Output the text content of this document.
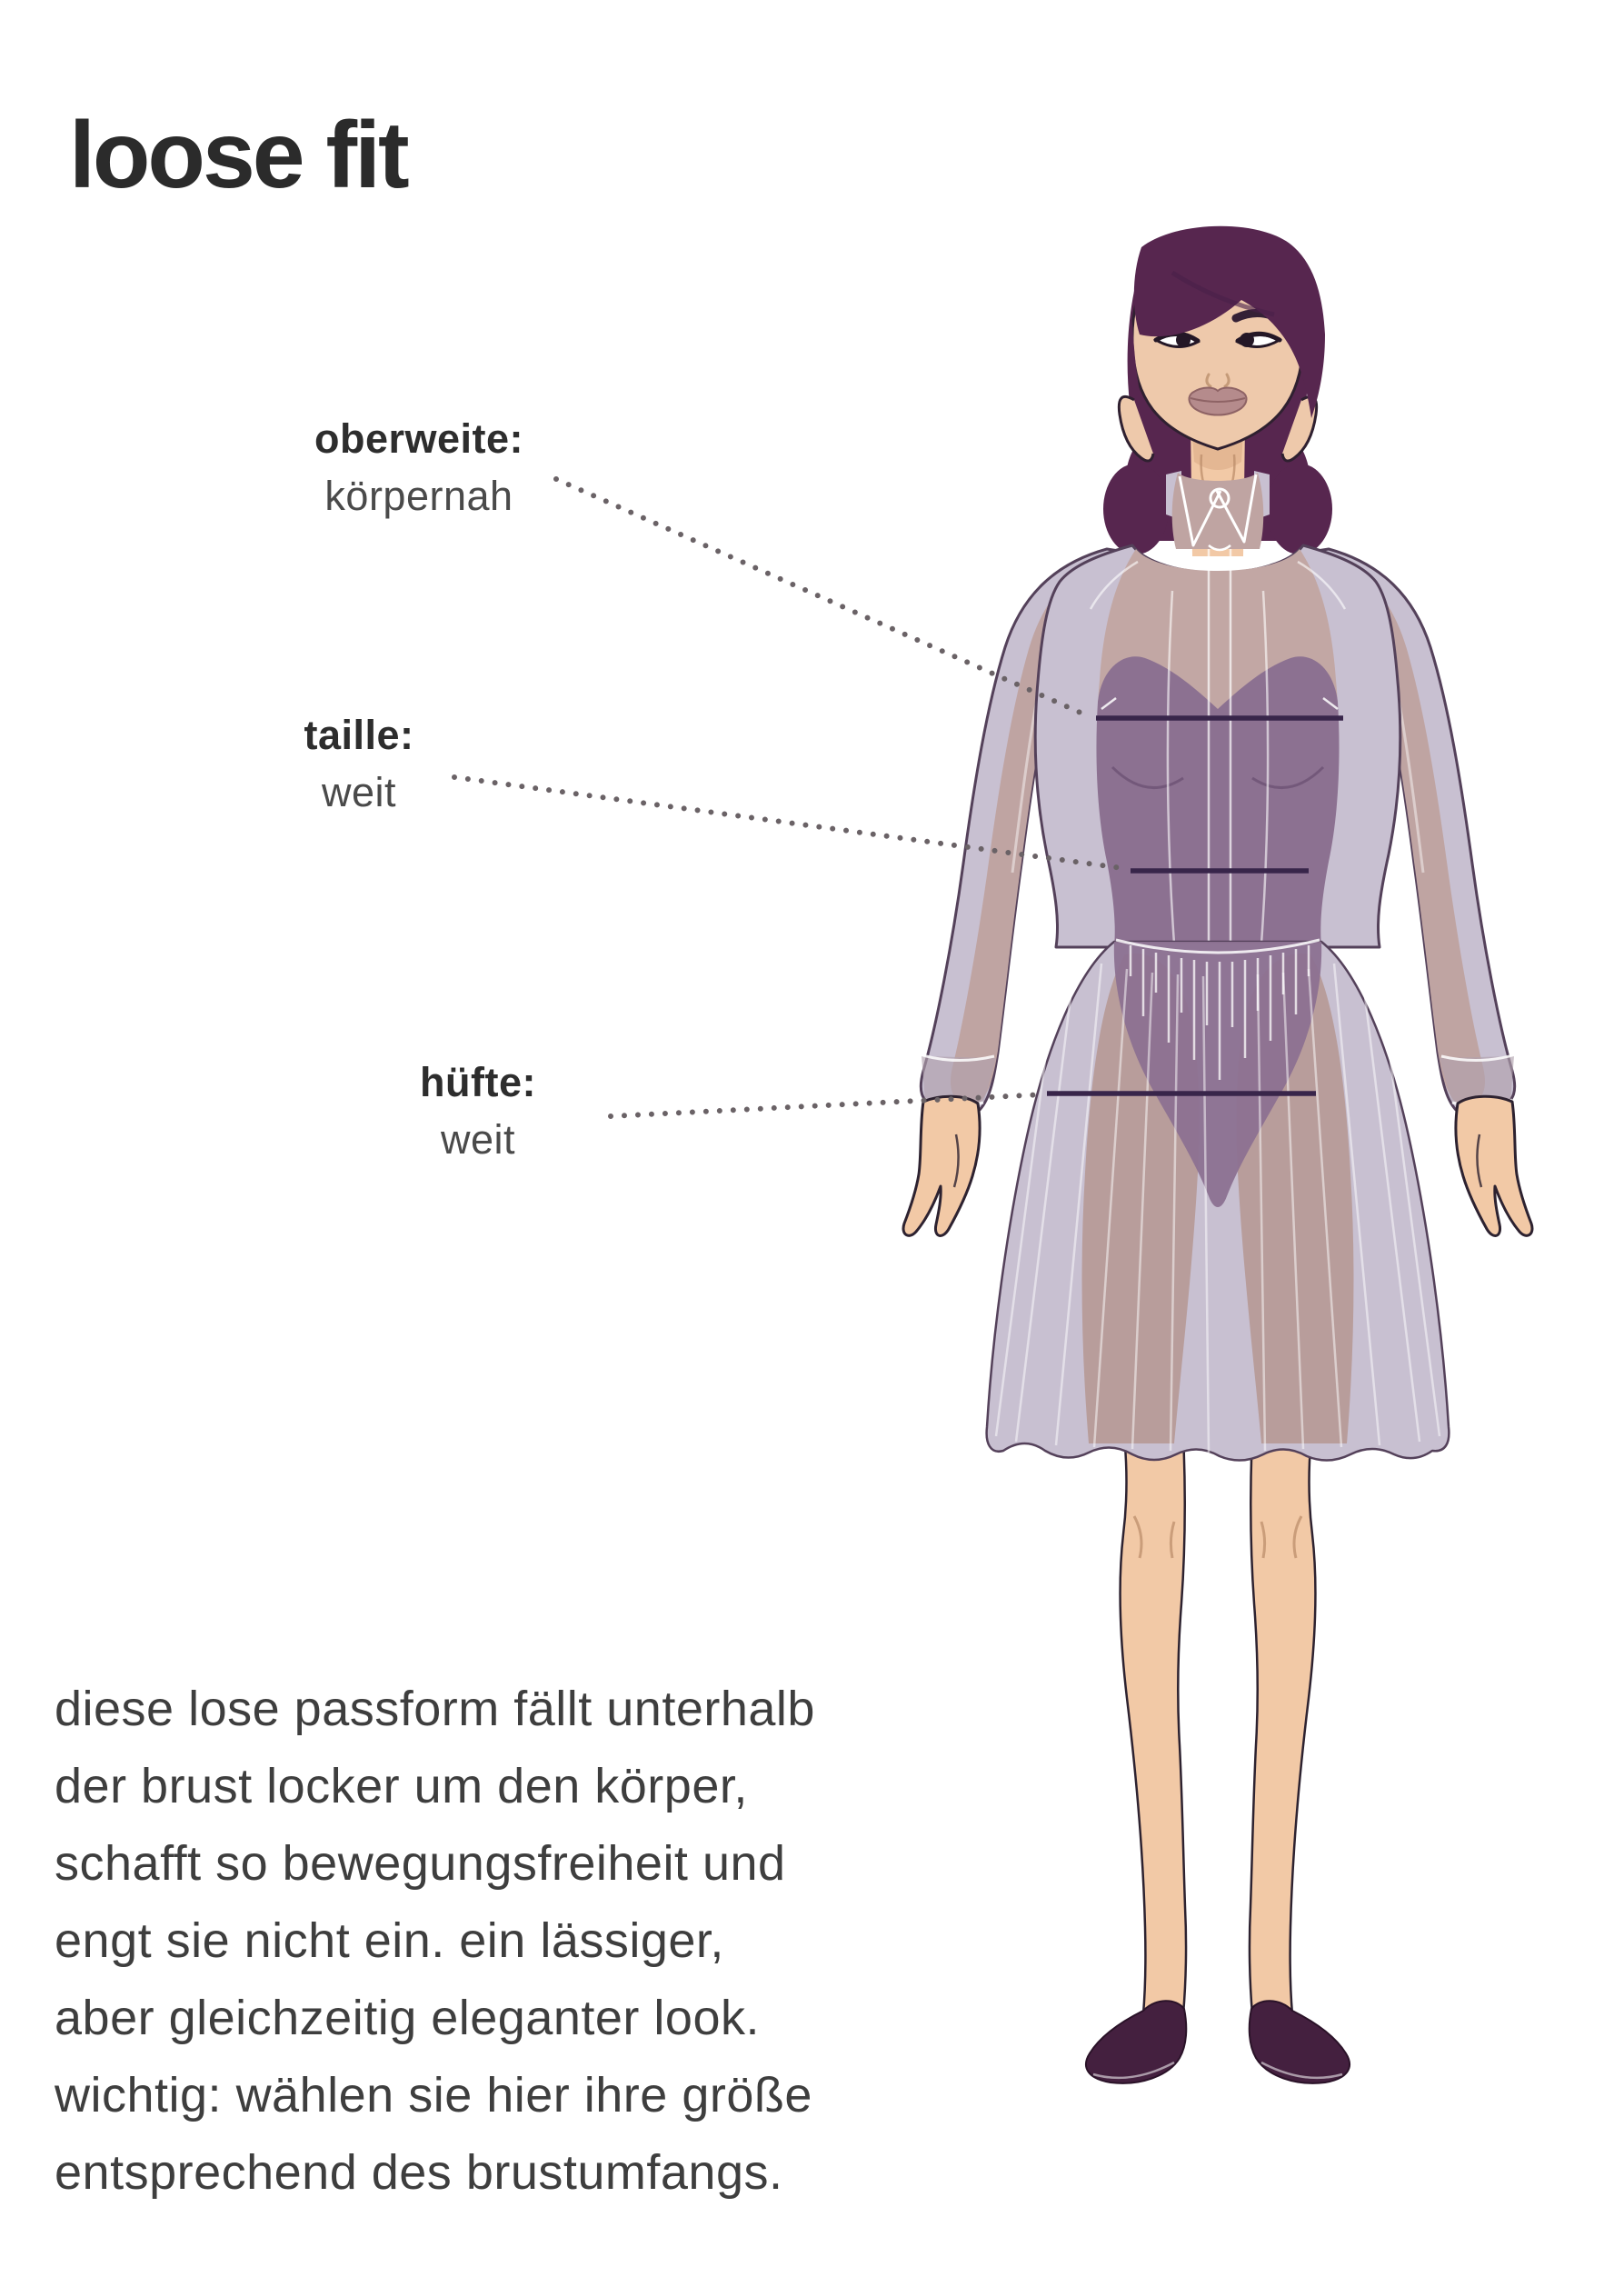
loose fit
oberweite:
körpernah
taille:
weit
hüfte:
weit
diese lose passform fällt unterhalb
der brust locker um den körper,
schafft so bewegungsfreiheit und
engt sie nicht ein. ein lässiger,
aber gleichzeitig eleganter look.
wichtig: wählen sie hier ihre größe
entsprechend des brustumfangs.
